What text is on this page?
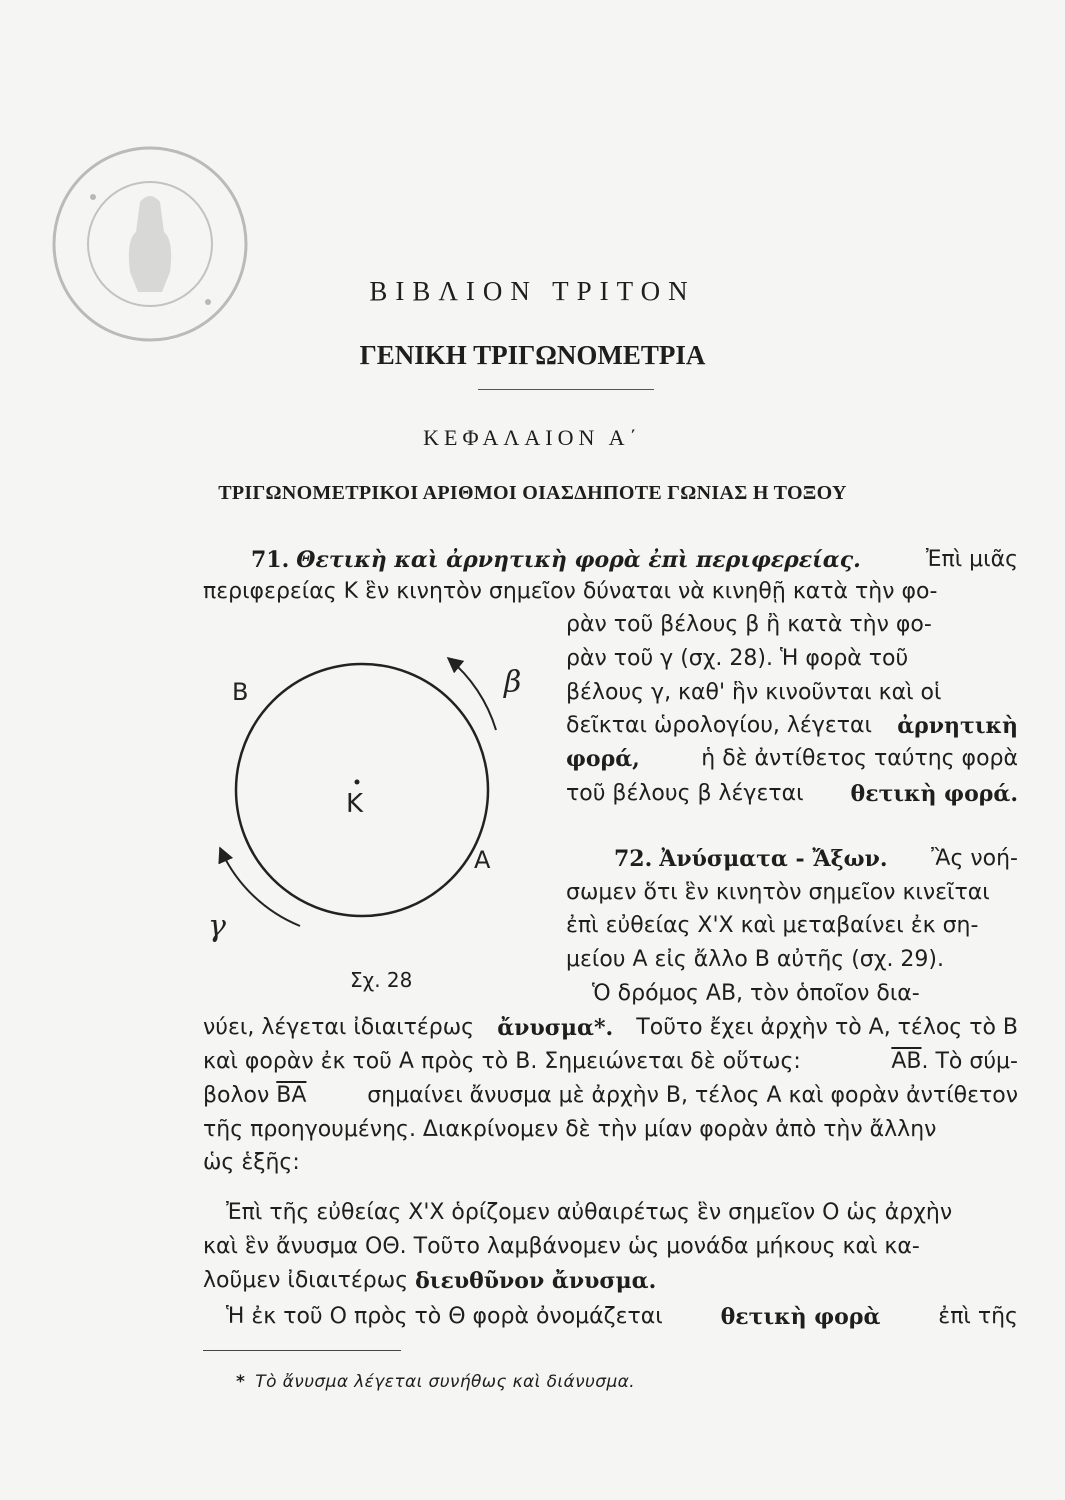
ΒΙΒΛΙΟΝ ΤΡΙΤΟΝ
ΓΕΝΙΚΗ ΤΡΙΓΩΝΟΜΕΤΡΙΑ
ΚΕΦΑΛΑΙΟΝ Α΄
ΤΡΙΓΩΝΟΜΕΤΡΙΚΟΙ ΑΡΙΘΜΟΙ ΟΙΑΣΔΗΠΟΤΕ ΓΩΝΙΑΣ Η ΤΟΞΟΥ
71. Θετικὴ καὶ ἀρνητικὴ φορὰ ἐπὶ περιφερείας.	Ἐπὶ μιᾶς
περιφερείας Κ ἓν κινητὸν σημεῖον δύναται νὰ κινηθῇ κατὰ τὴν φο-
ρὰν τοῦ βέλους β ἢ κατὰ τὴν φο-
ρὰν τοῦ γ (σχ. 28). Ἡ φορὰ τοῦ
βέλους γ, καθ' ἣν κινοῦνται καὶ οἱ
δεῖκται ὡρολογίου, λέγεται ἀρνητικὴ
φορά,	ἡ δὲ ἀντίθετος ταύτης φορὰ
τοῦ βέλους β λέγεται θετικὴ φορά.
72. Ἀνύσματα - Ἄξων. Ἂς νοή-
σωμεν ὅτι ἓν κινητὸν σημεῖον κινεῖται
ἐπὶ εὐθείας X'X καὶ μεταβαίνει ἐκ ση-
μείου Α εἰς ἄλλο Β αὐτῆς (σχ. 29).
Ὁ δρόμος ΑΒ, τὸν ὁποῖον δια-
νύει, λέγεται ἰδιαιτέρως ἄνυσμα*. Τοῦτο ἔχει ἀρχὴν τὸ Α, τέλος τὸ Β
καὶ φορὰν ἐκ τοῦ Α πρὸς τὸ Β. Σημειώνεται δὲ οὕτως:	$\overline{AB}$. Τὸ σύμ-
βολον $\overline{BA}$	σημαίνει ἄνυσμα μὲ ἀρχὴν Β, τέλος Α καὶ φορὰν ἀντίθετον
τῆς προηγουμένης. Διακρίνομεν δὲ τὴν μίαν φορὰν ἀπὸ τὴν ἄλλην
ὡς ἑξῆς:
Ἐπὶ τῆς εὐθείας X'X ὁρίζομεν αὐθαιρέτως ἓν σημεῖον Ο ὡς ἀρχὴν
καὶ ἓν ἄνυσμα ΟΘ. Τοῦτο λαμβάνομεν ὡς μονάδα μήκους καὶ κα-
λοῦμεν ἰδιαιτέρως
διευθῦνον ἄνυσμα.
Ἡ ἐκ τοῦ Ο πρὸς τὸ Θ φορὰ ὀνομάζεται	θετικὴ φορὰ	ἐπὶ τῆς
Β
Α
Κ
β
γ
Σχ. 28
* Τὸ ἄνυσμα λέγεται συνήθως καὶ διάνυσμα.
